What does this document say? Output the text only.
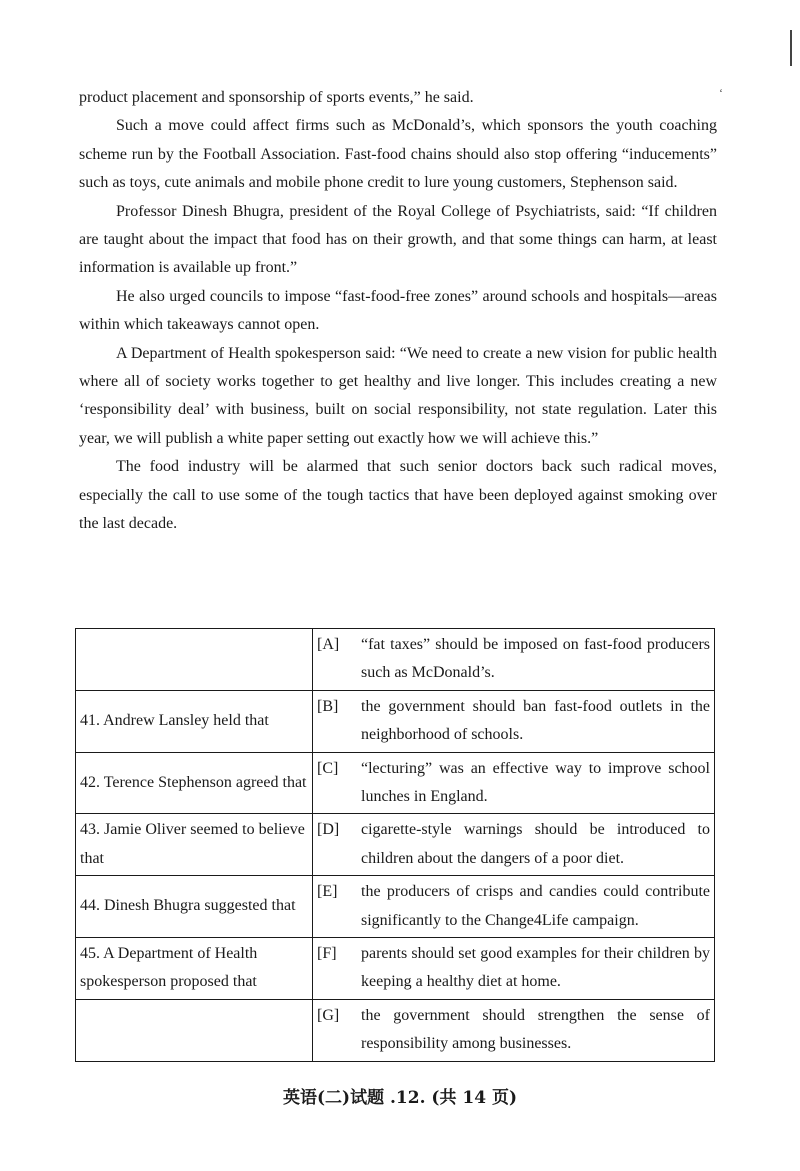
‘

product placement and sponsorship of sports events,” he said.

Such a move could affect firms such as McDonald’s, which sponsors the youth coaching scheme run by the Football Association. Fast-food chains should also stop offering “inducements” such as toys, cute animals and mobile phone credit to lure young customers, Stephenson said.

Professor Dinesh Bhugra, president of the Royal College of Psychiatrists, said: “If children are taught about the impact that food has on their growth, and that some things can harm, at least information is available up front.”

He also urged councils to impose “fast-food-free zones” around schools and hospitals—areas within which takeaways cannot open.

A Department of Health spokesperson said: “We need to create a new vision for public health where all of society works together to get healthy and live longer. This includes creating a new ‘responsibility deal’ with business, built on social responsibility, not state regulation. Later this year, we will publish a white paper setting out exactly how we will achieve this.”

The food industry will be alarmed that such senior doctors back such radical moves, especially the call to use some of the tough tactics that have been deployed against smoking over the last decade.

	[A] “fat taxes” should be imposed on fast-food producers such as McDonald’s.

41. Andrew Lansley held that	[B] the government should ban fast-food outlets in the neighborhood of schools.

42. Terence Stephenson agreed that	[C] “lecturing” was an effective way to improve school lunches in England.

43. Jamie Oliver seemed to believe that	[D] cigarette-style warnings should be introduced to children about the dangers of a poor diet.

44. Dinesh Bhugra suggested that	[E] the producers of crisps and candies could contribute significantly to the Change4Life campaign.

45. A Department of Health spokesperson proposed that	[F] parents should set good examples for their children by keeping a healthy diet at home.

	[G] the government should strengthen the sense of responsibility among businesses.
英语(二)试题 .12. (共 14 页)
